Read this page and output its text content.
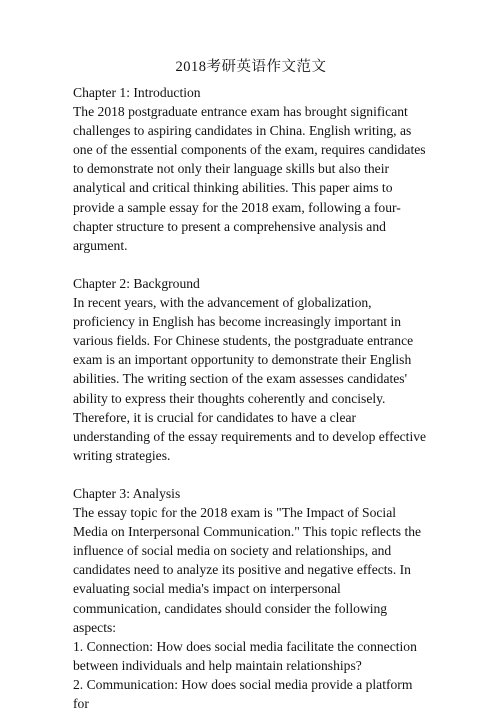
2018考研英语作文范文

Chapter 1: Introduction

The 2018 postgraduate entrance exam has brought significant challenges to aspiring candidates in China. English writing, as one of the essential components of the exam, requires candidates to demonstrate not only their language skills but also their analytical and critical thinking abilities. This paper aims to provide a sample essay for the 2018 exam, following a four-chapter structure to present a comprehensive analysis and argument.

Chapter 2: Background

In recent years, with the advancement of globalization, proficiency in English has become increasingly important in various fields. For Chinese students, the postgraduate entrance exam is an important opportunity to demonstrate their English abilities. The writing section of the exam assesses candidates' ability to express their thoughts coherently and concisely. Therefore, it is crucial for candidates to have a clear understanding of the essay requirements and to develop effective writing strategies.

Chapter 3: Analysis

The essay topic for the 2018 exam is "The Impact of Social Media on Interpersonal Communication." This topic reflects the influence of social media on society and relationships, and candidates need to analyze its positive and negative effects. In evaluating social media's impact on interpersonal communication, candidates should consider the following aspects:

1. Connection: How does social media facilitate the connection between individuals and help maintain relationships?

2. Communication: How does social media provide a platform for
